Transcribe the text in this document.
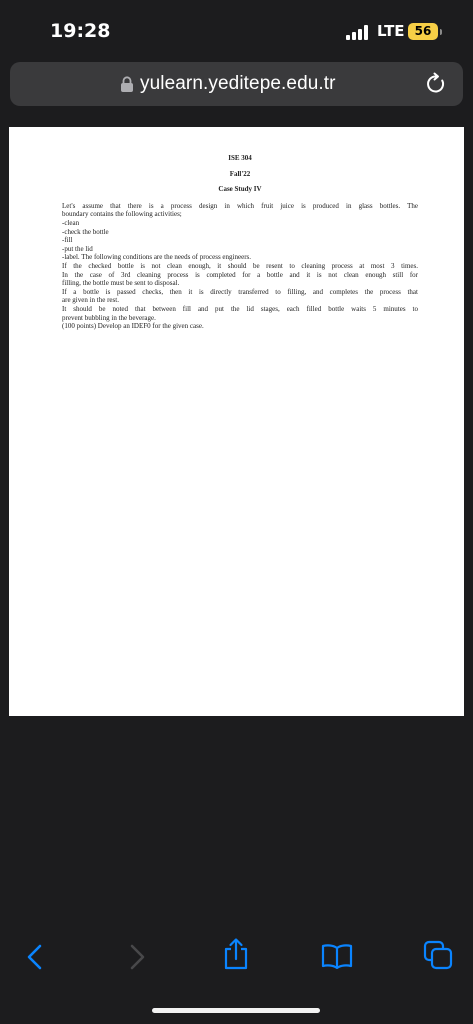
19:28	LTE 56
yulearn.yeditepe.edu.tr
ISE 304
Fall'22
Case Study IV
Let's assume that there is a process design in which fruit juice is produced in glass bottles. The
boundary contains the following activities;
-clean
-check the bottle
-fill
-put the lid
-label. The following conditions are the needs of process engineers.
If the checked bottle is not clean enough, it should be resent to cleaning process at most 3 times.
In the case of 3rd cleaning process is completed for a bottle and it is not clean enough still for
filling, the bottle must be sent to disposal.
If a bottle is passed checks, then it is directly transferred to filling, and completes the process that
are given in the rest.
It should be noted that between fill and put the lid stages, each filled bottle waits 5 minutes to
prevent bubbling in the beverage.
(100 points) Develop an IDEF0 for the given case.
